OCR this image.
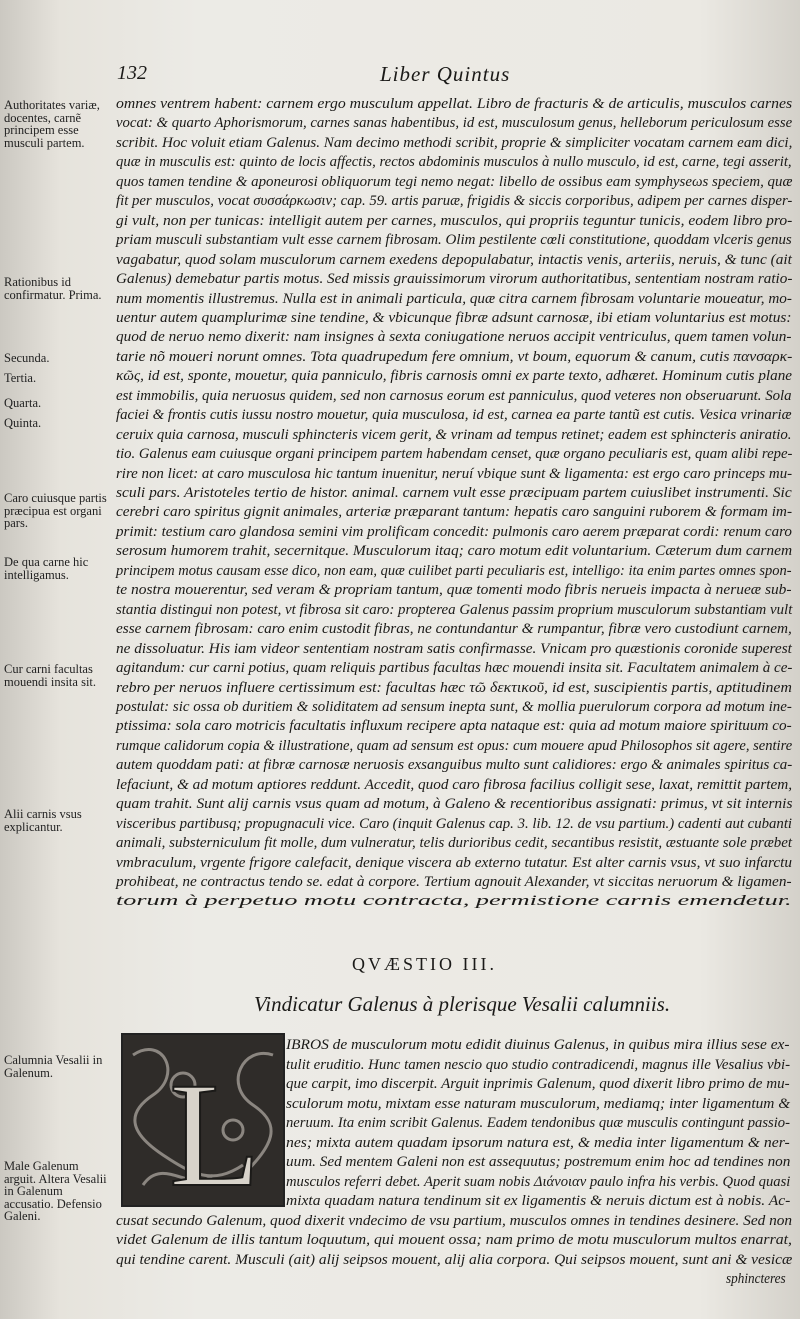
132	Liber Quintus
Authoritates variæ, docentes, carnẽ principem esse musculi partem.
Rationibus id confirmatur. Prima.
Secunda.
Tertia.
Quarta.
Quinta.
Caro cuiusque partis præcipua est organi pars.
De qua carne hic intelligamus.
Cur carni facultas mouendi insita sit.
Alii carnis vsus explicantur.
Calumnia Vesalii in Galenum.
Male Galenum arguit. Altera Vesalii in Galenum accusatio. Defensio Galeni.
omnes ventrem habent: carnem ergo musculum appellat. Libro de fracturis & de articulis, musculos carnes
vocat: & quarto Aphorismorum, carnes sanas habentibus, id est, musculosum genus, helleborum periculosum esse
scribit. Hoc voluit etiam Galenus. Nam decimo methodi scribit, proprie & simpliciter vocatam carnem eam dici,
quæ in musculis est: quinto de locis affectis, rectos abdominis musculos à nullo musculo, id est, carne, tegi asserit,
quos tamen tendine & aponeurosi obliquorum tegi nemo negat: libello de ossibus eam symphyseωs speciem, quæ
fit per musculos, vocat συσσάρκωσιν; cap. 59. artis paruæ, frigidis & siccis corporibus, adipem per carnes disper-
gi vult, non per tunicas: intelligit autem per carnes, musculos, qui propriis teguntur tunicis, eodem libro pro-
priam musculi substantiam vult esse carnem fibrosam. Olim pestilente cœli constitutione, quoddam vlceris genus
vagabatur, quod solam musculorum carnem exedens depopulabatur, intactis venis, arteriis, neruis, & tunc (ait
Galenus) demebatur partis motus. Sed missis grauissimorum virorum authoritatibus, sententiam nostram ratio-
num momentis illustremus. Nulla est in animali particula, quæ citra carnem fibrosam voluntarie moueatur, mo-
uentur autem quamplurimæ sine tendine, & vbicunque fibræ adsunt carnosæ, ibi etiam voluntarius est motus:
quod de neruo nemo dixerit: nam insignes à sexta coniugatione neruos accipit ventriculus, quem tamen volun-
tarie nõ moueri norunt omnes. Tota quadrupedum fere omnium, vt boum, equorum & canum, cutis πανσαρκ-
κῶς, id est, sponte, mouetur, quia panniculo, fibris carnosis omni ex parte texto, adhæret. Hominum cutis plane
est immobilis, quia neruosus quidem, sed non carnosus eorum est panniculus, quod veteres non obseruarunt. Sola
faciei & frontis cutis iussu nostro mouetur, quia musculosa, id est, carnea ea parte tantũ est cutis. Vesica vrinariæ
ceruix quia carnosa, musculi sphincteris vicem gerit, & vrinam ad tempus retinet; eadem est sphincteris aniratio.
tio. Galenus eam cuiusque organi principem partem habendam censet, quæ organo peculiaris est, quam alibi repe-
rire non licet: at caro musculosa hic tantum inuenitur, neruí vbique sunt & ligamenta: est ergo caro princeps mu-
sculi pars. Aristoteles tertio de histor. animal. carnem vult esse præcipuam partem cuiuslibet instrumenti. Sic
cerebri caro spiritus gignit animales, arteriæ præparant tantum: hepatis caro sanguini ruborem & formam im-
primit: testium caro glandosa semini vim prolificam concedit: pulmonis caro aerem præparat cordi: renum caro
serosum humorem trahit, secernitque. Musculorum itaq; caro motum edit voluntarium. Cæterum dum carnem
principem motus causam esse dico, non eam, quæ cuilibet parti peculiaris est, intelligo: ita enim partes omnes spon-
te nostra mouerentur, sed veram & propriam tantum, quæ tomenti modo fibris nerueis impacta à nerueæ sub-
stantia distingui non potest, vt fibrosa sit caro: propterea Galenus passim proprium musculorum substantiam vult
esse carnem fibrosam: caro enim custodit fibras, ne contundantur & rumpantur, fibræ vero custodiunt carnem,
ne dissoluatur. His iam videor sententiam nostram satis confirmasse. Vnicam pro quæstionis coronide superest
agitandum: cur carni potius, quam reliquis partibus facultas hæc mouendi insita sit. Facultatem animalem à ce-
rebro per neruos influere certissimum est: facultas hæc τῶ δεκτικοῦ, id est, suscipientis partis, aptitudinem
postulat: sic ossa ob duritiem & soliditatem ad sensum inepta sunt, & mollia puerulorum corpora ad motum ine-
ptissima: sola caro motricis facultatis influxum recipere apta nataque est: quia ad motum maiore spirituum co-
rumque calidorum copia & illustratione, quam ad sensum est opus: cum mouere apud Philosophos sit agere, sentire
autem quoddam pati: at fibræ carnosæ neruosis exsanguibus multo sunt calidiores: ergo & animales spiritus ca-
lefaciunt, & ad motum aptiores reddunt. Accedit, quod caro fibrosa facilius colligit sese, laxat, remittit partem,
quam trahit. Sunt alij carnis vsus quam ad motum, à Galeno & recentioribus assignati: primus, vt sit internis
visceribus partibusq; propugnaculi vice. Caro (inquit Galenus cap. 3. lib. 12. de vsu partium.) cadenti aut cubanti
animali, substerniculum fit molle, dum vulneratur, telis durioribus cedit, secantibus resistit, æstuante sole præbet
vmbraculum, vrgente frigore calefacit, denique viscera ab externo tutatur. Est alter carnis vsus, vt suo infarctu
prohibeat, ne contractus tendo se. edat à corpore. Tertium agnouit Alexander, vt siccitas neruorum & ligamen-
torum à perpetuo motu contracta, permistione carnis emendetur.
QVÆSTIO III.
Vindicatur Galenus à plerisque Vesalii calumniis.
L
IBROS de musculorum motu edidit diuinus Galenus, in quibus mira illius sese ex-
tulit eruditio. Hunc tamen nescio quo studio contradicendi, magnus ille Vesalius vbi-
que carpit, imo discerpit. Arguit inprimis Galenum, quod dixerit libro primo de mu-
sculorum motu, mixtam esse naturam musculorum, mediamq; inter ligamentum &
neruum. Ita enim scribit Galenus. Eadem tendonibus quæ musculis contingunt passio-
nes; mixta autem quadam ipsorum natura est, & media inter ligamentum & ner-
uum. Sed mentem Galeni non est assequutus; postremum enim hoc ad tendines non
musculos referri debet. Aperit suam nobis Διάνοιαν paulo infra his verbis. Quod quasi
mixta quadam natura tendinum sit ex ligamentis & neruis dictum est à nobis. Ac-
cusat secundo Galenum, quod dixerit vndecimo de vsu partium, musculos omnes in tendines desinere. Sed non
videt Galenum de illis tantum loquutum, qui mouent ossa; nam primo de motu musculorum multos enarrat,
qui tendine carent. Musculi (ait) alij seipsos mouent, alij alia corpora. Qui seipsos mouent, sunt ani & vesicæ
sphincteres
